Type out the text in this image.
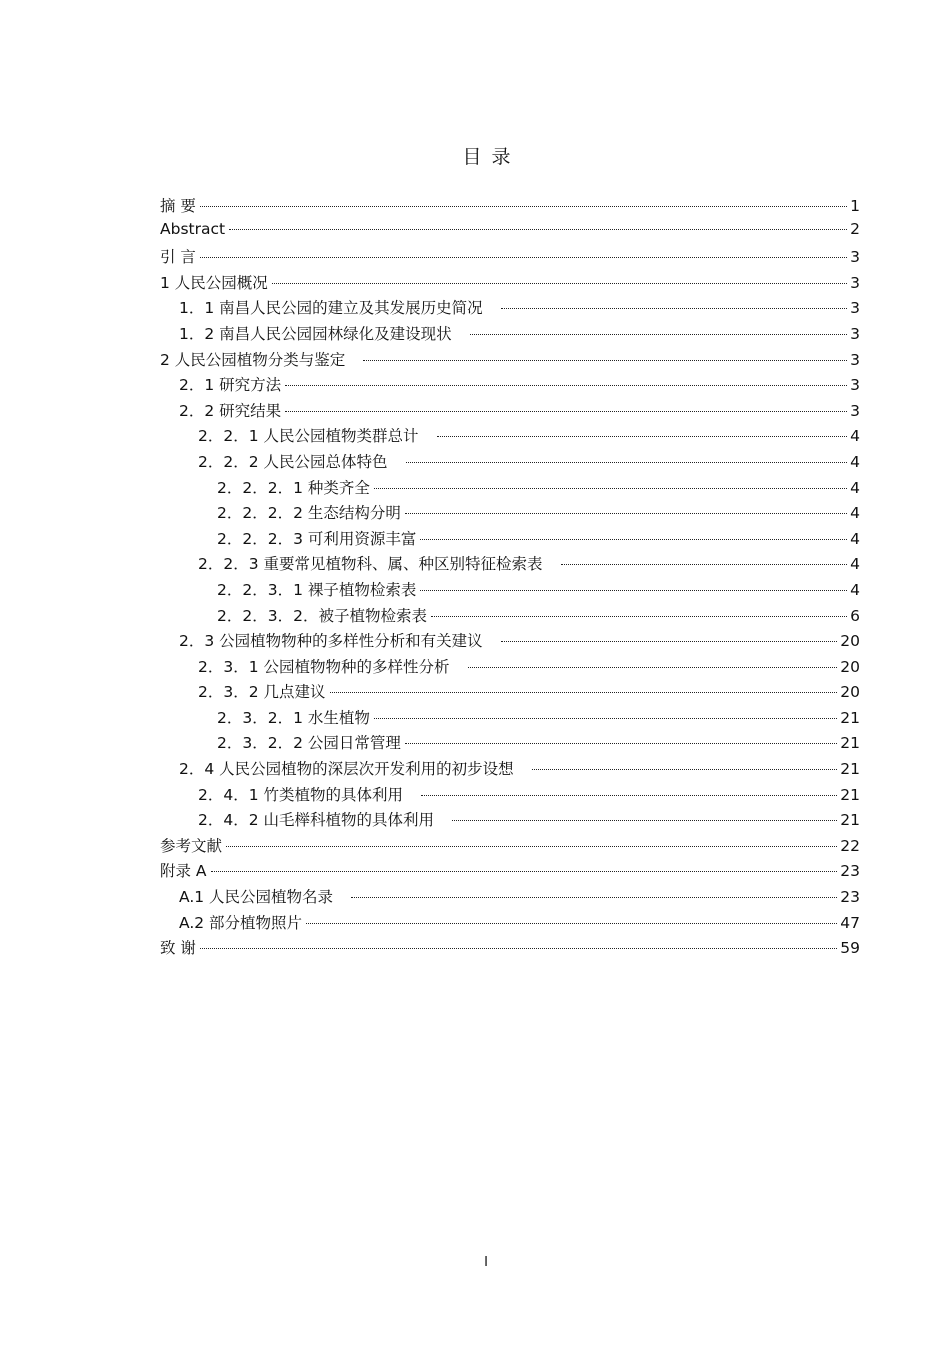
目 录
摘 要	1
Abstract	2
引 言	3
1 人民公园概况	3
1．1 南昌人民公园的建立及其发展历史简况	3
1．2 南昌人民公园园林绿化及建设现状	3
2 人民公园植物分类与鉴定	3
2．1 研究方法	3
2．2 研究结果	3
2．2．1 人民公园植物类群总计	4
2．2．2 人民公园总体特色	4
2．2．2．1 种类齐全	4
2．2．2．2 生态结构分明	4
2．2．2．3 可利用资源丰富	4
2．2．3 重要常见植物科、属、种区别特征检索表	4
2．2．3．1 裸子植物检索表	4
2．2．3．2．被子植物检索表	6
2．3 公园植物物种的多样性分析和有关建议	20
2．3．1 公园植物物种的多样性分析	20
2．3．2 几点建议	20
2．3．2．1 水生植物	21
2．3．2．2 公园日常管理	21
2．4 人民公园植物的深层次开发利用的初步设想	21
2．4．1 竹类植物的具体利用	21
2．4．2 山毛榉科植物的具体利用	21
参考文献	22
附录 A	23
A.1 人民公园植物名录	23
A.2 部分植物照片	47
致 谢	59
I
